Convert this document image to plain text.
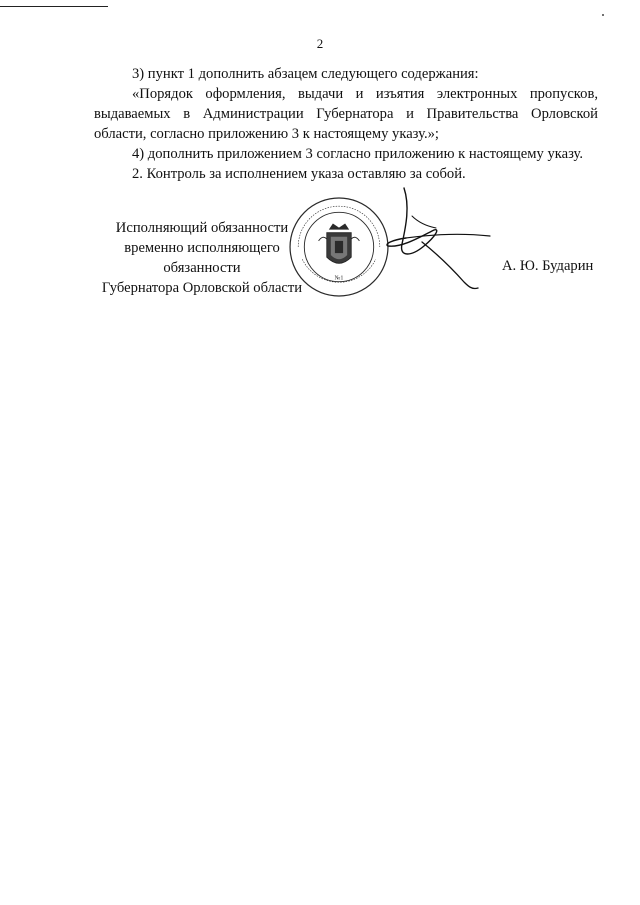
2

3) пункт 1 дополнить абзацем следующего содержания:

«Порядок оформления, выдачи и изъятия электронных пропусков,

выдаваемых в Администрации Губернатора и Правительства Орловской

области, согласно приложению 3 к настоящему указу.»;

4) дополнить приложением 3 согласно приложению к настоящему указу.

2. Контроль за исполнением указа оставляю за собой.

Исполняющий обязанности
временно исполняющего обязанности
Губернатора Орловской области
№1
А. Ю. Бударин
